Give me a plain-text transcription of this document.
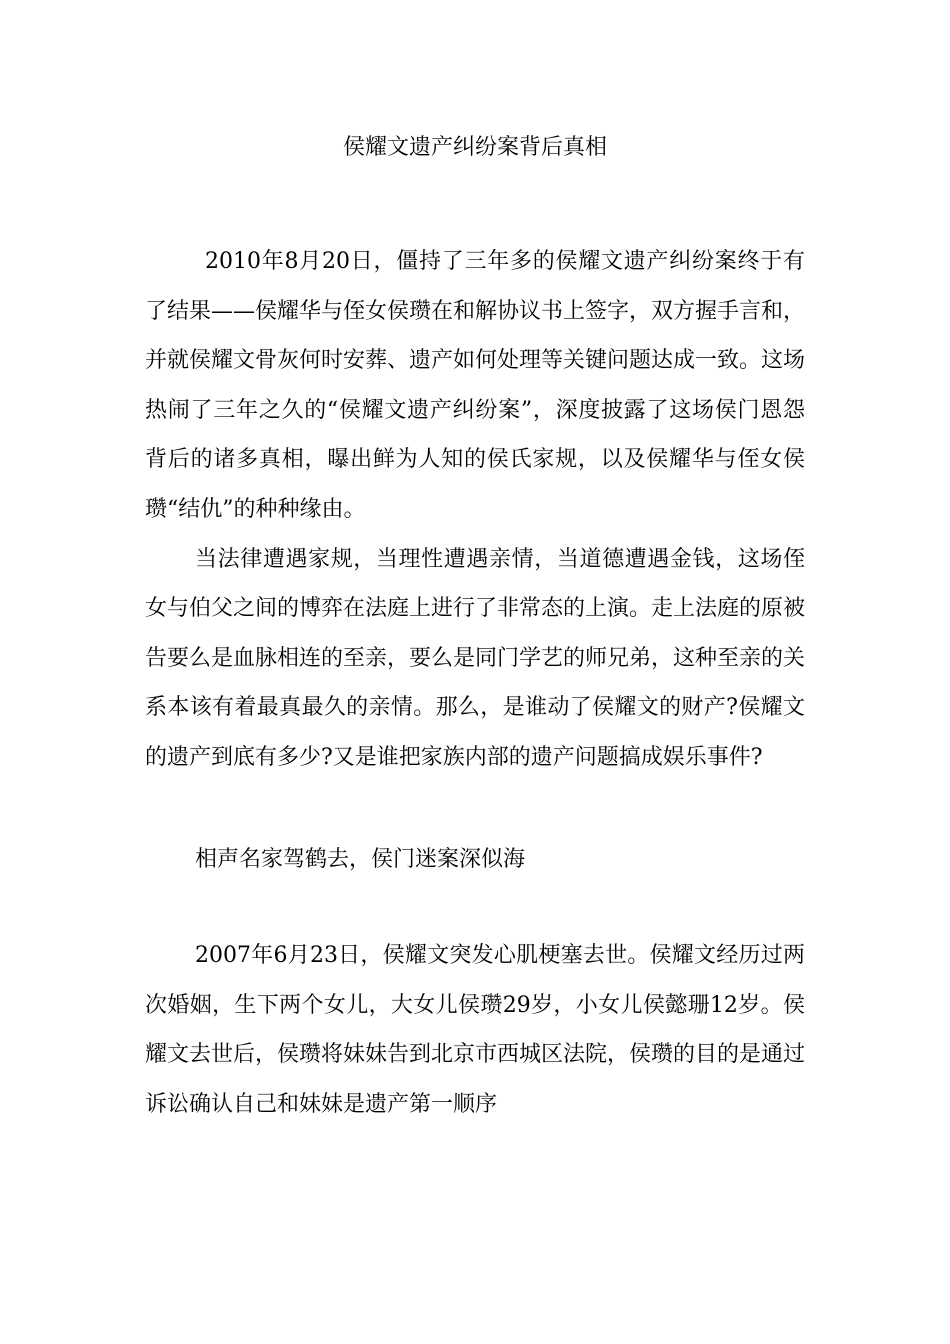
侯耀文遗产纠纷案背后真相

2010年8月20日，僵持了三年多的侯耀文遗产纠纷案终于有了结果——侯耀华与侄女侯瓒在和解协议书上签字，双方握手言和，并就侯耀文骨灰何时安葬、遗产如何处理等关键问题达成一致。这场热闹了三年之久的“侯耀文遗产纠纷案”，深度披露了这场侯门恩怨背后的诸多真相，曝出鲜为人知的侯氏家规，以及侯耀华与侄女侯瓒“结仇”的种种缘由。

当法律遭遇家规，当理性遭遇亲情，当道德遭遇金钱，这场侄女与伯父之间的博弈在法庭上进行了非常态的上演。走上法庭的原被告要么是血脉相连的至亲，要么是同门学艺的师兄弟，这种至亲的关系本该有着最真最久的亲情。那么，是谁动了侯耀文的财产?侯耀文的遗产到底有多少?又是谁把家族内部的遗产问题搞成娱乐事件?

相声名家驾鹤去，侯门迷案深似海

2007年6月23日，侯耀文突发心肌梗塞去世。侯耀文经历过两次婚姻，生下两个女儿，大女儿侯瓒29岁，小女儿侯懿珊12岁。侯耀文去世后，侯瓒将妹妹告到北京市西城区法院，侯瓒的目的是通过诉讼确认自己和妹妹是遗产第一顺序
